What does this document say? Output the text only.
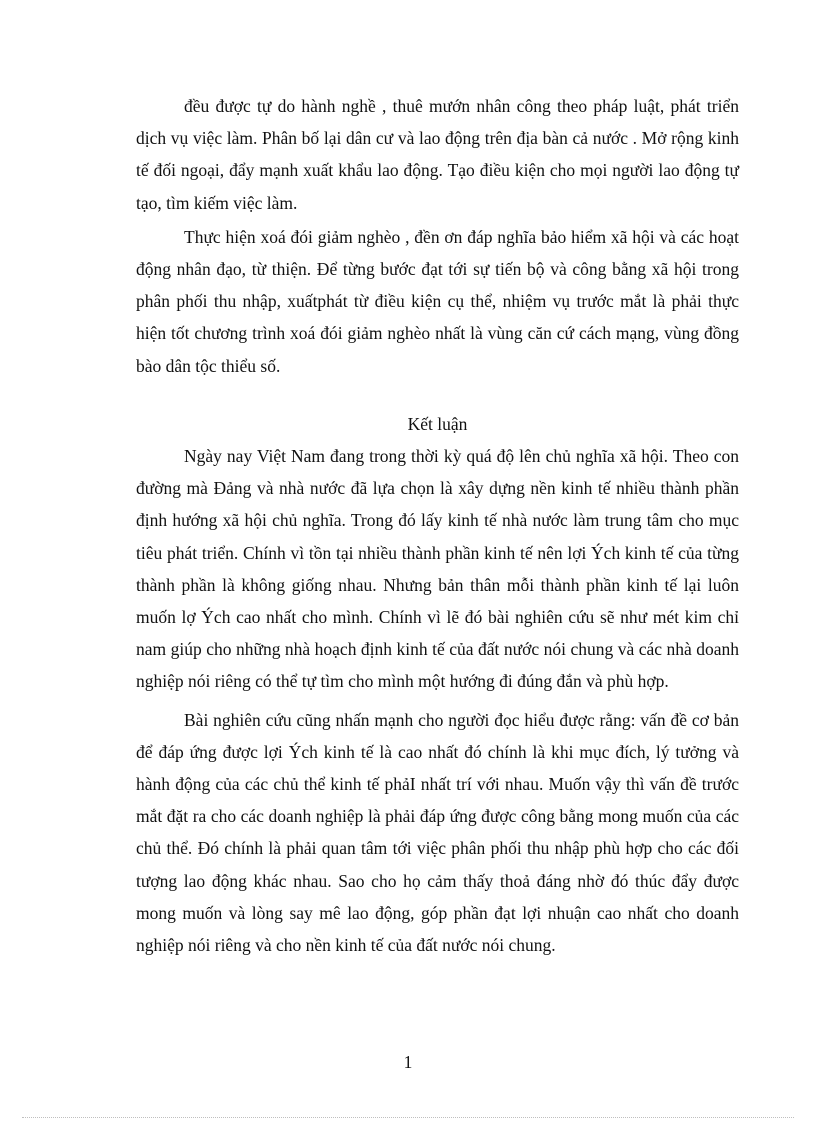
đều được tự do hành nghề , thuê mướn nhân công theo pháp luật, phát triển dịch vụ việc làm. Phân bố lại dân cư và lao động trên địa bàn cả nước . Mở rộng kinh tế đối ngoại, đẩy mạnh xuất khẩu lao động. Tạo điều kiện cho mọi người lao động tự tạo, tìm kiếm việc làm.

Thực hiện xoá đói giảm nghèo , đền ơn đáp nghĩa bảo hiểm xã hội và các hoạt động nhân đạo, từ thiện. Để từng bước đạt tới sự tiến bộ và công bằng xã hội trong phân phối thu nhập, xuấtphát từ điều kiện cụ thể, nhiệm vụ trước mắt là phải thực hiện tốt chương trình xoá đói giảm nghèo nhất là vùng căn cứ cách mạng, vùng đồng bào dân tộc thiểu số.

Kết luận

Ngày nay Việt Nam đang trong thời kỳ quá độ lên chủ nghĩa xã hội. Theo con đường mà Đảng và nhà nước đã lựa chọn là xây dựng nền kinh tế nhiều thành phần định hướng xã hội chủ nghĩa. Trong đó lấy kinh tế nhà nước làm trung tâm cho mục tiêu phát triển. Chính vì tồn tại nhiều thành phần kinh tế nên lợi Ých kinh tế của từng thành phần là không giống nhau. Nhưng bản thân mỗi thành phần kinh tế lại luôn muốn lợ Ých cao nhất cho mình. Chính vì lẽ đó bài nghiên cứu sẽ như mét kim chỉ nam giúp cho những nhà hoạch định kinh tế của đất nước nói chung và các nhà doanh nghiệp nói riêng có thể tự tìm cho mình một hướng đi đúng đắn và phù hợp.

Bài nghiên cứu cũng nhấn mạnh cho người đọc hiểu được rằng: vấn đề cơ bản để đáp ứng được lợi Ých kinh tế là cao nhất đó chính là khi mục đích, lý tưởng và hành động của các chủ thể kinh tế phảI nhất trí với nhau. Muốn vậy thì vấn đề trước mắt đặt ra cho các doanh nghiệp là phải đáp ứng được công bằng mong muốn của các chủ thể. Đó chính là phải quan tâm tới việc phân phối thu nhập phù hợp cho các đối tượng lao động khác nhau. Sao cho họ cảm thấy thoả đáng nhờ đó thúc đẩy được mong muốn và lòng say mê lao động, góp phần đạt lợi nhuận cao nhất cho doanh nghiệp nói riêng và cho nền kinh tế của đất nước nói chung.

1
